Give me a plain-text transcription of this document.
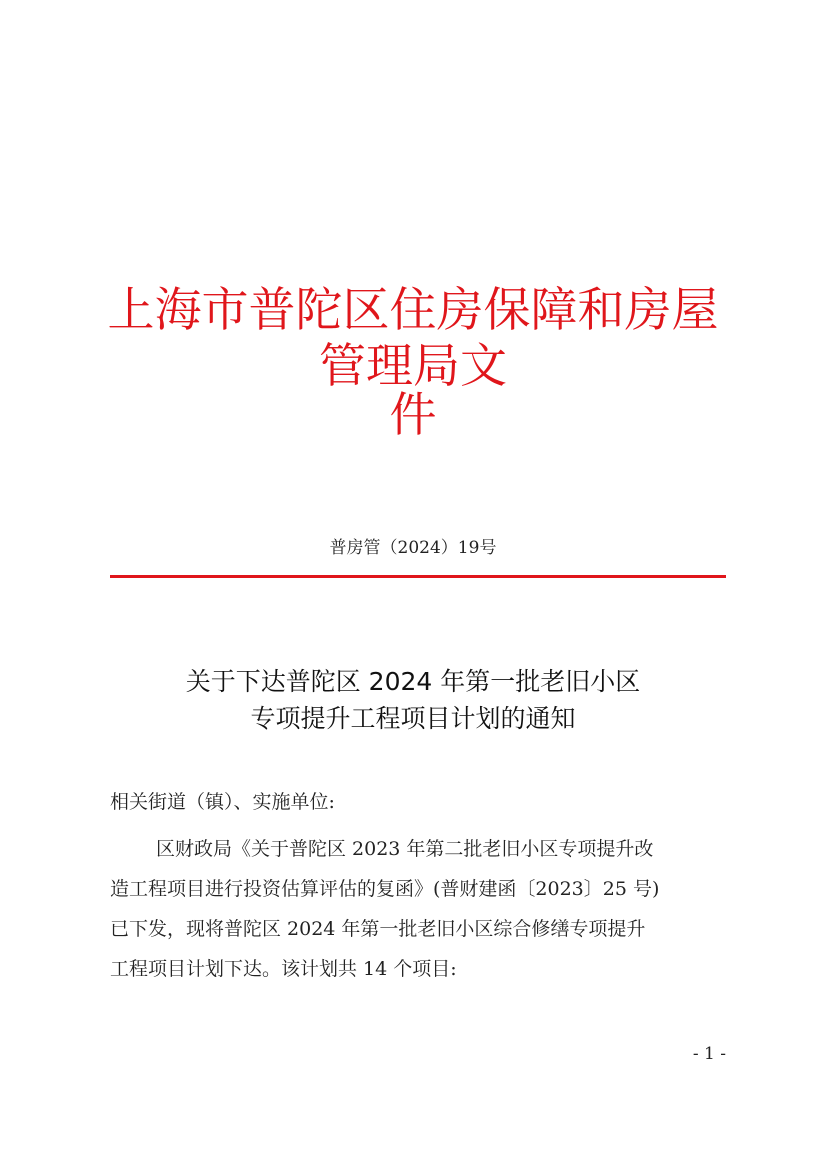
上海市普陀区住房保障和房屋管理局文
件
普房管（2024）19号
关于下达普陀区 2024 年第一批老旧小区
专项提升工程项目计划的通知
相关街道（镇）、实施单位:
区财政局《关于普陀区 2023 年第二批老旧小区专项提升改
造工程项目进行投资估算评估的复函》(普财建函〔2023〕25 号)
已下发，现将普陀区 2024 年第一批老旧小区综合修缮专项提升
工程项目计划下达。该计划共 14 个项目:
- 1 -
